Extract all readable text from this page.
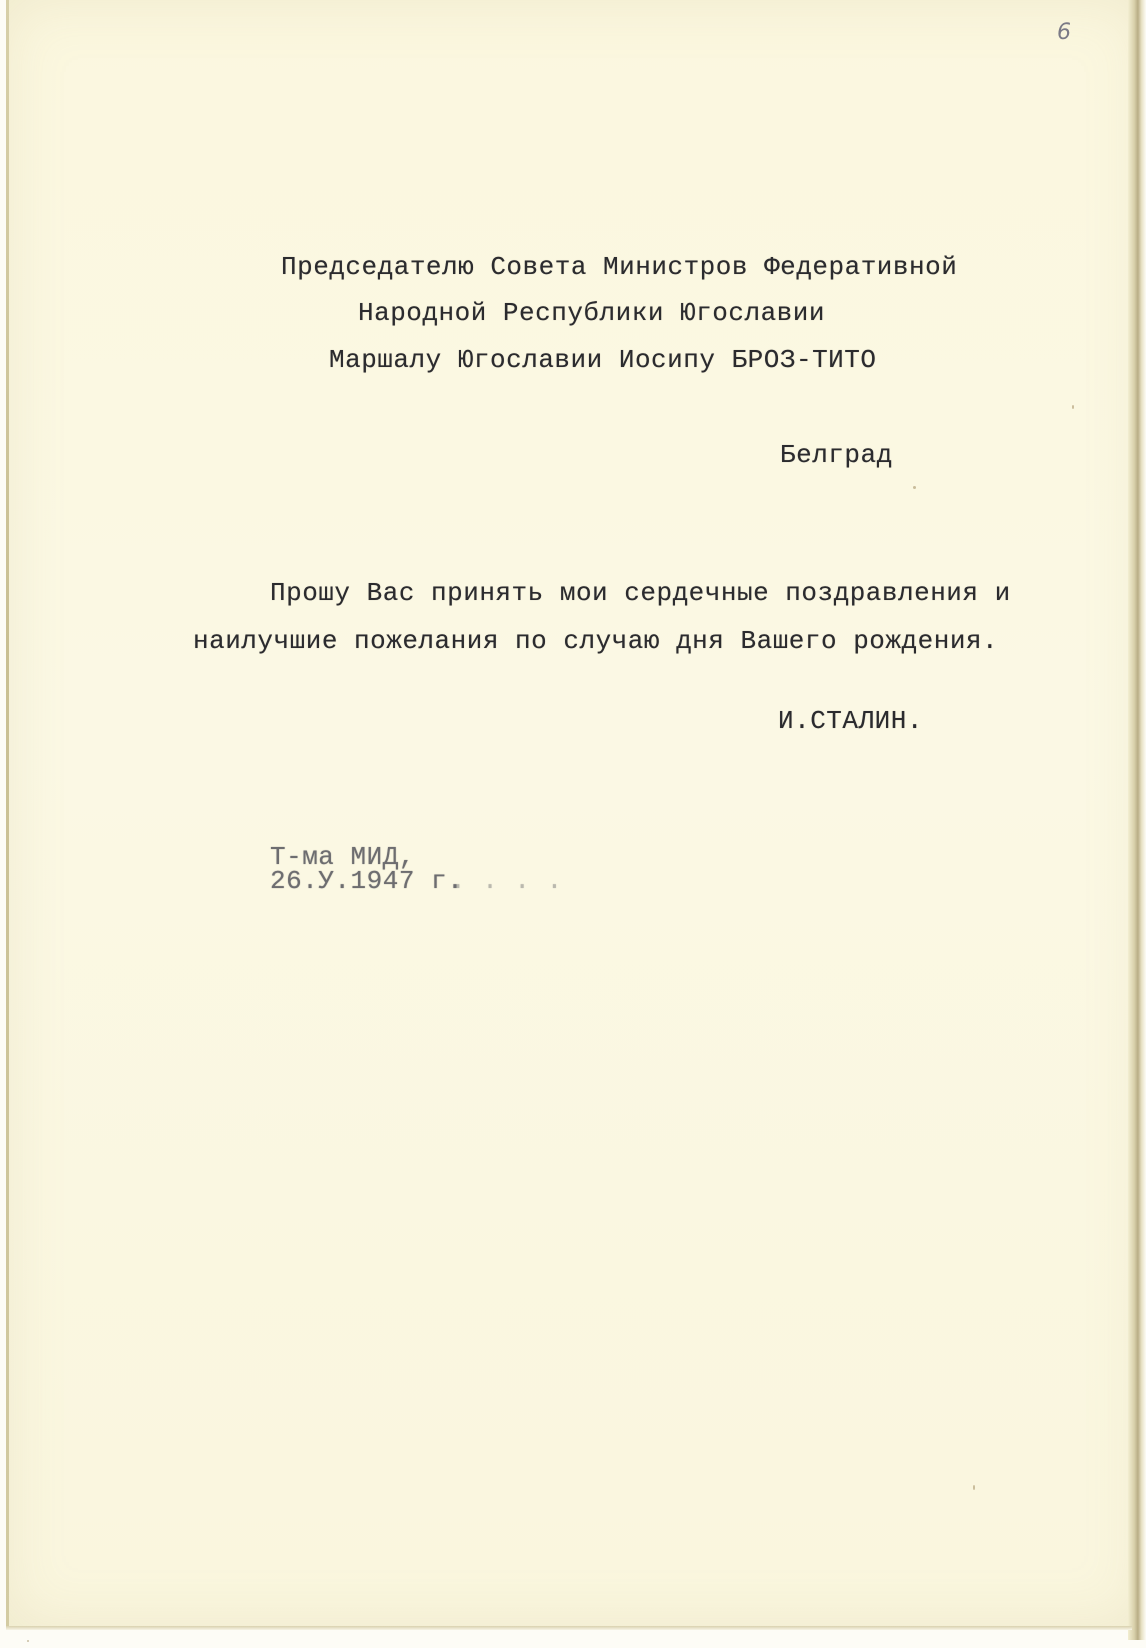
6

Председателю Совета Министров Федеративной

Народной Республики Югославии

Маршалу Югославии Иосипу БРОЗ-ТИТО

Белград

Прошу Вас принять мои сердечные поздравления и

наилучшие пожелания по случаю дня Вашего рождения.

И.СТАЛИН.

Т-ма МИД,

26.У.1947 г.

. . . .
